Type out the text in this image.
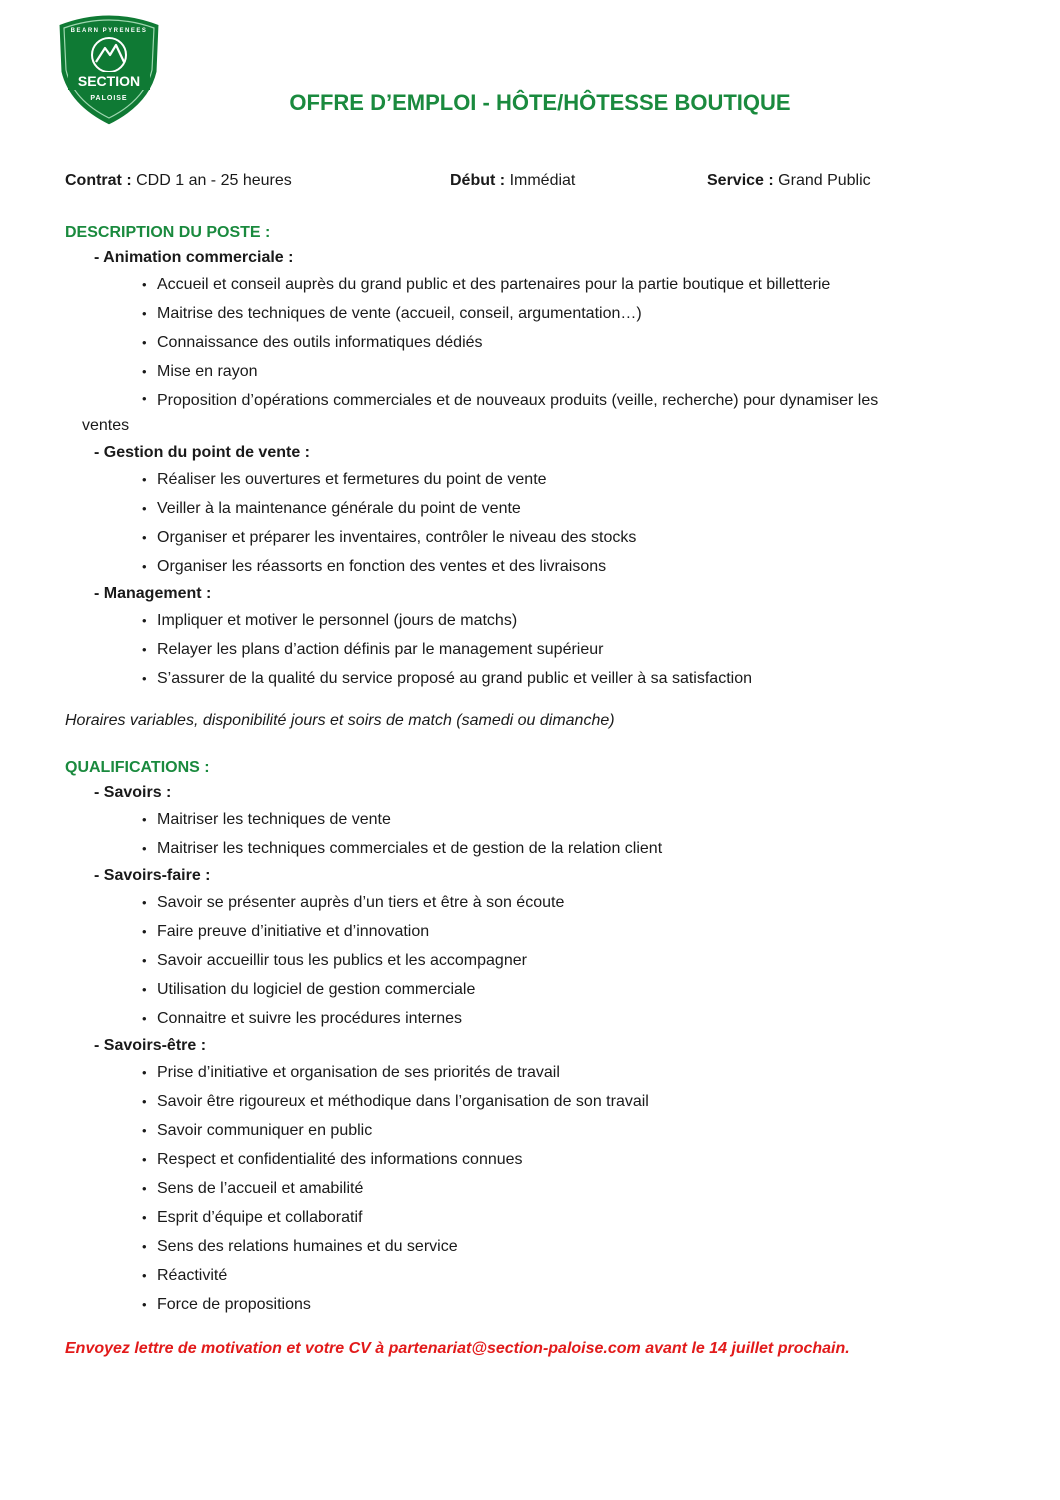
SECTION
PALOISE
BEARN PYRENEES
OFFRE D’EMPLOI - HÔTE/HÔTESSE BOUTIQUE
Contrat : CDD 1 an - 25 heures	Début : Immédiat	Service : Grand Public
DESCRIPTION DU POSTE :
- Animation commerciale :
• Accueil et conseil auprès du grand public et des partenaires pour la partie boutique et billetterie
• Maitrise des techniques de vente (accueil, conseil, argumentation…)
• Connaissance des outils informatiques dédiés
• Mise en rayon
• Proposition d’opérations commerciales et de nouveaux produits (veille, recherche) pour dynamiser les
ventes
- Gestion du point de vente :
• Réaliser les ouvertures et fermetures du point de vente
• Veiller à la maintenance générale du point de vente
• Organiser et préparer les inventaires, contrôler le niveau des stocks
• Organiser les réassorts en fonction des ventes et des livraisons
- Management :
• Impliquer et motiver le personnel (jours de matchs)
• Relayer les plans d’action définis par le management supérieur
• S’assurer de la qualité du service proposé au grand public et veiller à sa satisfaction
Horaires variables, disponibilité jours et soirs de match (samedi ou dimanche)
QUALIFICATIONS :
- Savoirs :
• Maitriser les techniques de vente
• Maitriser les techniques commerciales et de gestion de la relation client
- Savoirs-faire :
• Savoir se présenter auprès d’un tiers et être à son écoute
• Faire preuve d’initiative et d’innovation
• Savoir accueillir tous les publics et les accompagner
• Utilisation du logiciel de gestion commerciale
• Connaitre et suivre les procédures internes
- Savoirs-être :
• Prise d’initiative et organisation de ses priorités de travail
• Savoir être rigoureux et méthodique dans l’organisation de son travail
• Savoir communiquer en public
• Respect et confidentialité des informations connues
• Sens de l’accueil et amabilité
• Esprit d’équipe et collaboratif
• Sens des relations humaines et du service
• Réactivité
• Force de propositions
Envoyez lettre de motivation et votre CV à partenariat@section-paloise.com avant le 14 juillet prochain.
